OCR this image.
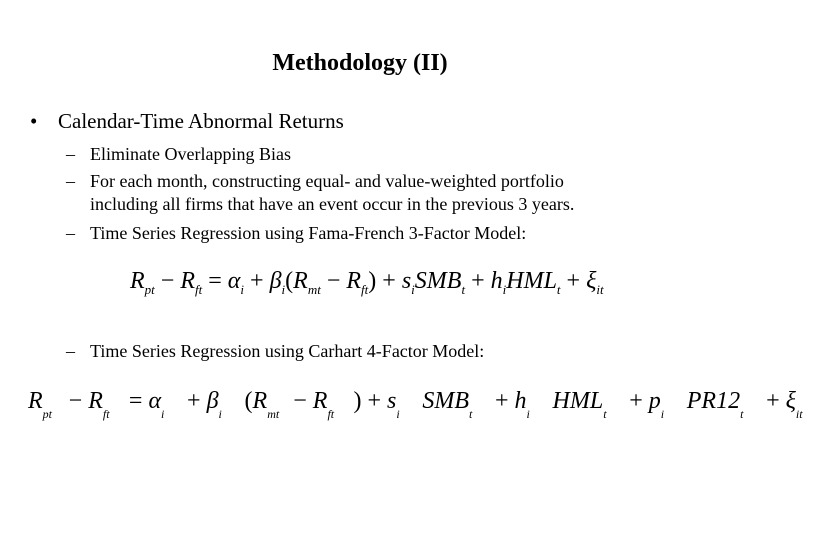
Methodology (II)
• Calendar-Time Abnormal Returns
– Eliminate Overlapping Bias
– For each month, constructing equal- and value-weighted portfolio
including all firms that have an event occur in the previous 3 years.
– Time Series Regression using Fama-French 3-Factor Model:
$R_{pt} - R_{ft} = \alpha_i + \beta_i(R_{mt} - R_{ft}) + s_iSMB_t + h_iHML_t + \xi_{it}$
– Time Series Regression using Carhart 4-Factor Model:
Rpt − Rft = αi + βi (Rmt − Rft ) + si SMBt + hi HMLt + pi PR12t + ξit
